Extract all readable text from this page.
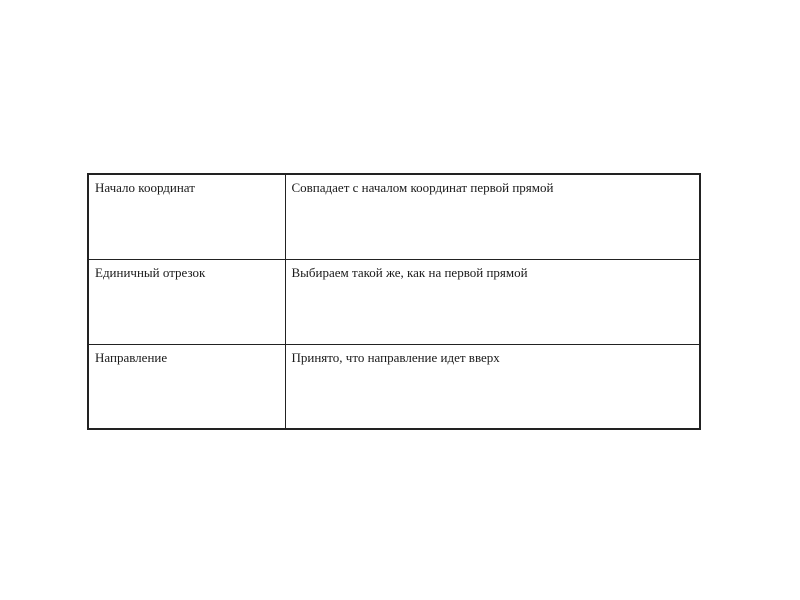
Начало координат	Совпадает с началом координат первой прямой
Единичный отрезок	Выбираем такой же, как на первой прямой
Направление	Принято, что направление идет вверх
